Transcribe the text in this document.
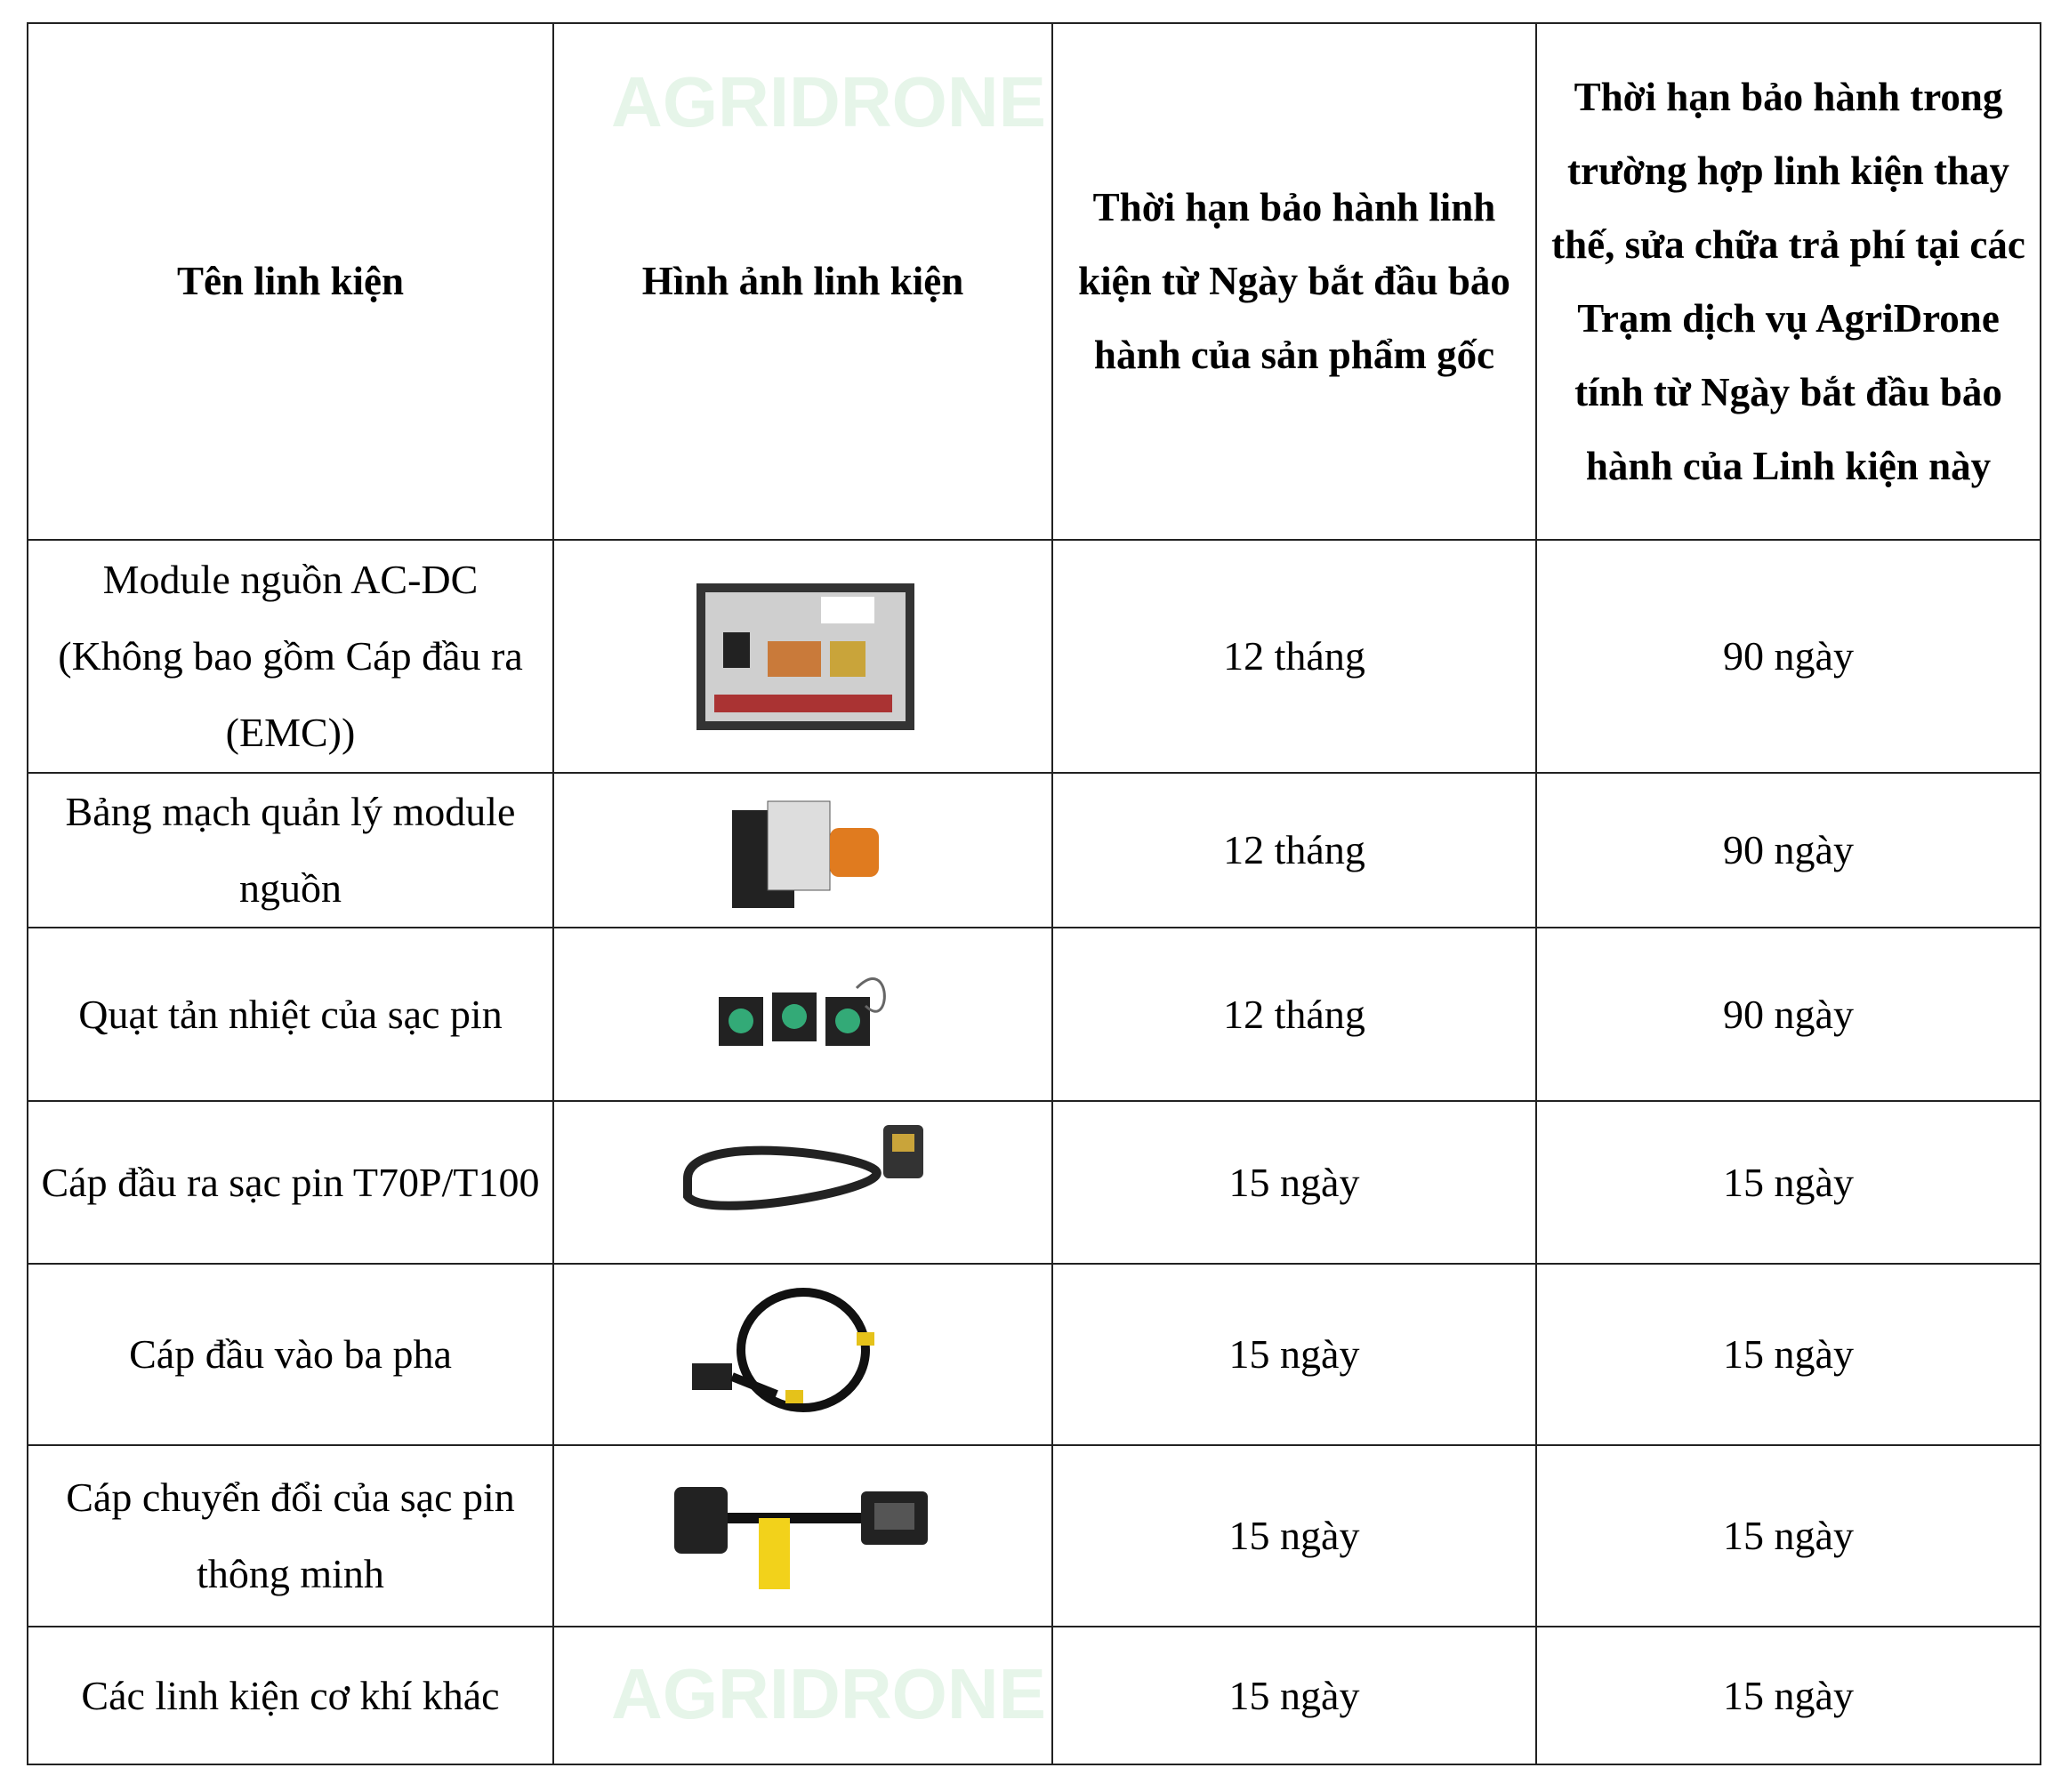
AGRIDRONE
AGRIDRONE
Tên linh kiện	Hình ảnh linh kiện	Thời hạn bảo hành linh kiện từ Ngày bắt đầu bảo hành của sản phẩm gốc	Thời hạn bảo hành trong trường hợp linh kiện thay thế, sửa chữa trả phí tại các Trạm dịch vụ AgriDrone tính từ Ngày bắt đầu bảo hành của Linh kiện này
Module nguồn AC-DC (Không bao gồm Cáp đầu ra (EMC))		12 tháng	90 ngày
Bảng mạch quản lý module nguồn		12 tháng	90 ngày
Quạt tản nhiệt của sạc pin		12 tháng	90 ngày
Cáp đầu ra sạc pin T70P/T100		15 ngày	15 ngày
Cáp đầu vào ba pha		15 ngày	15 ngày
Cáp chuyển đổi của sạc pin thông minh		15 ngày	15 ngày
Các linh kiện cơ khí khác		15 ngày	15 ngày
